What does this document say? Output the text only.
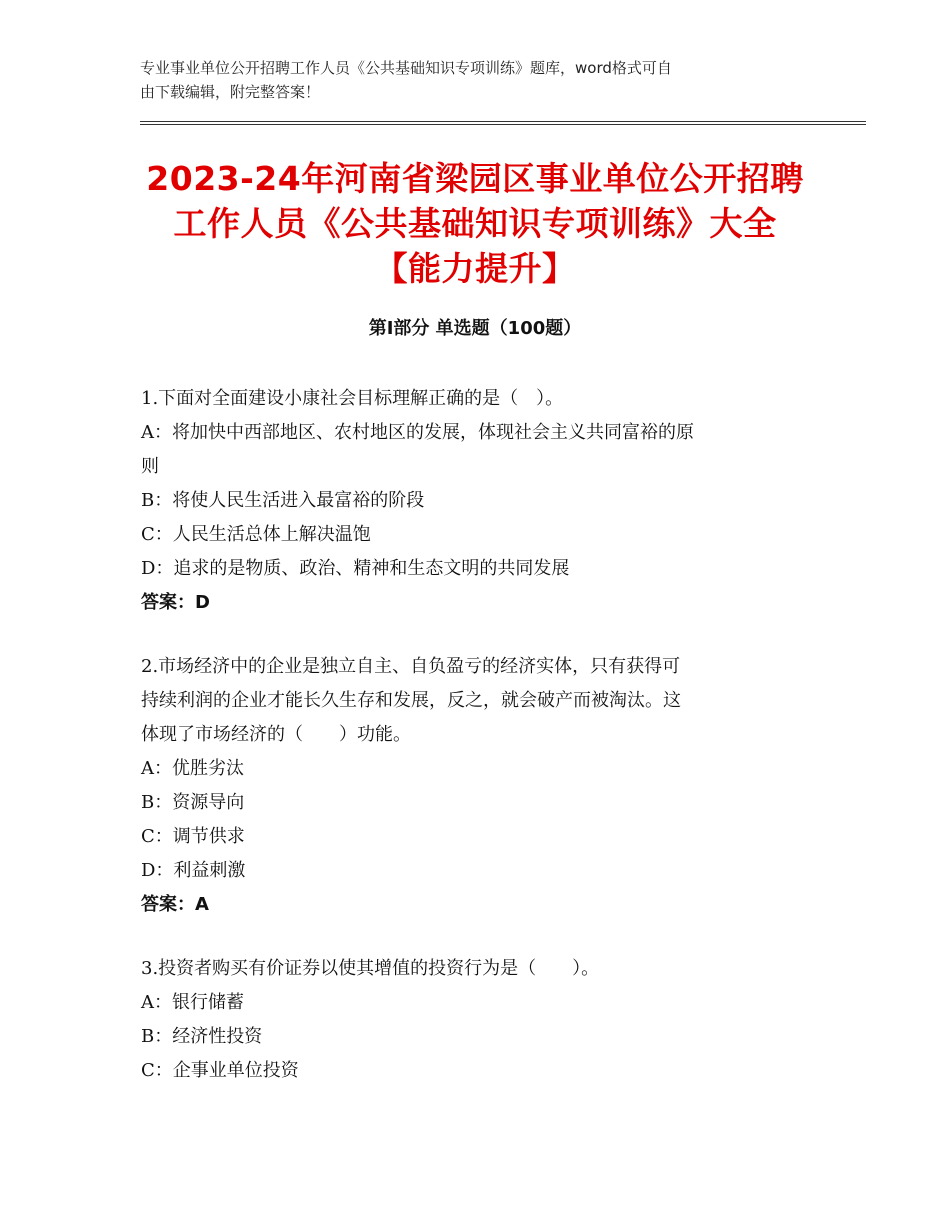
专业事业单位公开招聘工作人员《公共基础知识专项训练》题库，word格式可自
由下载编辑，附完整答案！
2023-24年河南省梁园区事业单位公开招聘
工作人员《公共基础知识专项训练》大全
【能力提升】
第Ⅰ部分 单选题（100题）
1.下面对全面建设小康社会目标理解正确的是（　）。
A：将加快中西部地区、农村地区的发展，体现社会主义共同富裕的原
则
B：将使人民生活进入最富裕的阶段
C：人民生活总体上解决温饱
D：追求的是物质、政治、精神和生态文明的共同发展
答案：D
2.市场经济中的企业是独立自主、自负盈亏的经济实体，只有获得可
持续利润的企业才能长久生存和发展，反之，就会破产而被淘汰。这
体现了市场经济的（　　）功能。
A：优胜劣汰
B：资源导向
C：调节供求
D：利益刺激
答案：A
3.投资者购买有价证券以使其增值的投资行为是（　　）。
A：银行储蓄
B：经济性投资
C：企事业单位投资
